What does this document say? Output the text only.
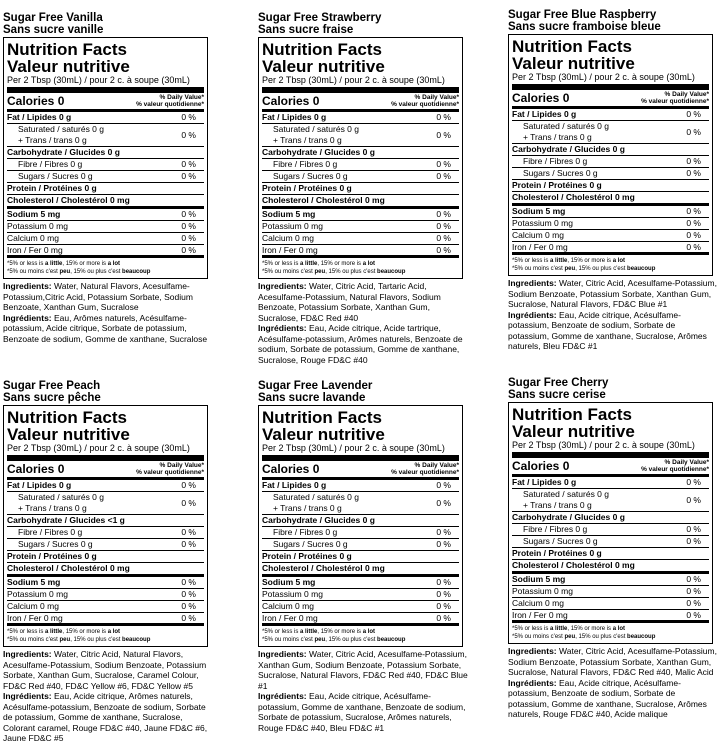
Sugar Free Vanilla
Sans sucre vanille
Nutrition Facts
Valeur nutritive
Per 2 Tbsp (30mL) / pour 2 c. à soupe (30mL)
Calories 0	% Daily Value*
% valeur quotidienne*
Fat / Lipides 0 g	0 %
Saturated / saturés 0 g
+ Trans / trans 0 g	0 %
Carbohydrate / Glucides 0 g
Fibre / Fibres 0 g	0 %
Sugars / Sucres 0 g	0 %
Protein / Protéines 0 g
Cholesterol / Cholestérol 0 mg
Sodium 5 mg	0 %
Potassium 0 mg	0 %
Calcium 0 mg	0 %
Iron / Fer 0 mg	0 %
*5% or less is a little, 15% or more is a lot
*5% ou moins c'est peu, 15% ou plus c'est beaucoup
Ingredients: Water, Natural Flavors, Acesulfame-Potassium,Citric Acid, Potassium Sorbate, Sodium Benzoate, Xanthan Gum, Sucralose
Ingrédients: Eau, Arômes naturels, Acésulfame-potassium, Acide citrique, Sorbate de potassium, Benzoate de sodium, Gomme de xanthane, Sucralose
Sugar Free Strawberry
Sans sucre fraise
Nutrition Facts
Valeur nutritive
Per 2 Tbsp (30mL) / pour 2 c. à soupe (30mL)
Calories 0	% Daily Value*
% valeur quotidienne*
Fat / Lipides 0 g	0 %
Saturated / saturés 0 g
+ Trans / trans 0 g	0 %
Carbohydrate / Glucides 0 g
Fibre / Fibres 0 g	0 %
Sugars / Sucres 0 g	0 %
Protein / Protéines 0 g
Cholesterol / Cholestérol 0 mg
Sodium 5 mg	0 %
Potassium 0 mg	0 %
Calcium 0 mg	0 %
Iron / Fer 0 mg	0 %
*5% or less is a little, 15% or more is a lot
*5% ou moins c'est peu, 15% ou plus c'est beaucoup
Ingredients: Water, Citric Acid, Tartaric Acid, Acesulfame-Potassium, Natural Flavors, Sodium Benzoate, Potassium Sorbate, Xanthan Gum, Sucralose, FD&C Red #40
Ingrédients: Eau, Acide citrique, Acide tartrique, Acésulfame-potassium, Arômes naturels, Benzoate de sodium, Sorbate de potassium, Gomme de xanthane, Sucralose, Rouge FD&C #40
Sugar Free Blue Raspberry
Sans sucre framboise bleue
Nutrition Facts
Valeur nutritive
Per 2 Tbsp (30mL) / pour 2 c. à soupe (30mL)
Calories 0	% Daily Value*
% valeur quotidienne*
Fat / Lipides 0 g	0 %
Saturated / saturés 0 g
+ Trans / trans 0 g	0 %
Carbohydrate / Glucides 0 g
Fibre / Fibres 0 g	0 %
Sugars / Sucres 0 g	0 %
Protein / Protéines 0 g
Cholesterol / Cholestérol 0 mg
Sodium 5 mg	0 %
Potassium 0 mg	0 %
Calcium 0 mg	0 %
Iron / Fer 0 mg	0 %
*5% or less is a little, 15% or more is a lot
*5% ou moins c'est peu, 15% ou plus c'est beaucoup
Ingredients: Water, Citric Acid, Acesulfame-Potassium, Sodium Benzoate, Potassium Sorbate, Xanthan Gum, Sucralose, Natural Flavors, FD&C Blue #1
Ingrédients: Eau, Acide citrique, Acésulfame-potassium, Benzoate de sodium, Sorbate de potassium, Gomme de xanthane, Sucralose, Arômes naturels, Bleu FD&C #1
Sugar Free Peach
Sans sucre pêche
Nutrition Facts
Valeur nutritive
Per 2 Tbsp (30mL) / pour 2 c. à soupe (30mL)
Calories 0	% Daily Value*
% valeur quotidienne*
Fat / Lipides 0 g	0 %
Saturated / saturés 0 g
+ Trans / trans 0 g	0 %
Carbohydrate / Glucides <1 g
Fibre / Fibres 0 g	0 %
Sugars / Sucres 0 g	0 %
Protein / Protéines 0 g
Cholesterol / Cholestérol 0 mg
Sodium 5 mg	0 %
Potassium 0 mg	0 %
Calcium 0 mg	0 %
Iron / Fer 0 mg	0 %
*5% or less is a little, 15% or more is a lot
*5% ou moins c'est peu, 15% ou plus c'est beaucoup
Ingredients: Water, Citric Acid, Natural Flavors, Acesulfame-Potassium, Sodium Benzoate, Potassium Sorbate, Xanthan Gum, Sucralose, Caramel Colour, FD&C Red #40, FD&C Yellow #6, FD&C Yellow #5
Ingrédients: Eau, Acide citrique, Arômes naturels, Acésulfame-potassium, Benzoate de sodium, Sorbate de potassium, Gomme de xanthane, Sucralose, Colorant caramel, Rouge FD&C #40, Jaune FD&C #6, Jaune FD&C #5
Sugar Free Lavender
Sans sucre lavande
Nutrition Facts
Valeur nutritive
Per 2 Tbsp (30mL) / pour 2 c. à soupe (30mL)
Calories 0	% Daily Value*
% valeur quotidienne*
Fat / Lipides 0 g	0 %
Saturated / saturés 0 g
+ Trans / trans 0 g	0 %
Carbohydrate / Glucides 0 g
Fibre / Fibres 0 g	0 %
Sugars / Sucres 0 g	0 %
Protein / Protéines 0 g
Cholesterol / Cholestérol 0 mg
Sodium 5 mg	0 %
Potassium 0 mg	0 %
Calcium 0 mg	0 %
Iron / Fer 0 mg	0 %
*5% or less is a little, 15% or more is a lot
*5% ou moins c'est peu, 15% ou plus c'est beaucoup
Ingredients: Water, Citric Acid, Acesulfame-Potassium, Xanthan Gum, Sodium Benzoate, Potassium Sorbate, Sucralose, Natural Flavors, FD&C Red #40, FD&C Blue #1
Ingrédients: Eau, Acide citrique, Acésulfame-potassium, Gomme de xanthane, Benzoate de sodium, Sorbate de potassium, Sucralose, Arômes naturels, Rouge FD&C #40, Bleu FD&C #1
Sugar Free Cherry
Sans sucre cerise
Nutrition Facts
Valeur nutritive
Per 2 Tbsp (30mL) / pour 2 c. à soupe (30mL)
Calories 0	% Daily Value*
% valeur quotidienne*
Fat / Lipides 0 g	0 %
Saturated / saturés 0 g
+ Trans / trans 0 g	0 %
Carbohydrate / Glucides 0 g
Fibre / Fibres 0 g	0 %
Sugars / Sucres 0 g	0 %
Protein / Protéines 0 g
Cholesterol / Cholestérol 0 mg
Sodium 5 mg	0 %
Potassium 0 mg	0 %
Calcium 0 mg	0 %
Iron / Fer 0 mg	0 %
*5% or less is a little, 15% or more is a lot
*5% ou moins c'est peu, 15% ou plus c'est beaucoup
Ingredients: Water, Citric Acid, Acesulfame-Potassium, Sodium Benzoate, Potassium Sorbate, Xanthan Gum, Sucralose, Natural Flavors, FD&C Red #40, Malic Acid
Ingrédients: Eau, Acide citrique, Acésulfame-potassium, Benzoate de sodium, Sorbate de potassium, Gomme de xanthane, Sucralose, Arômes naturels, Rouge FD&C #40, Acide malique
